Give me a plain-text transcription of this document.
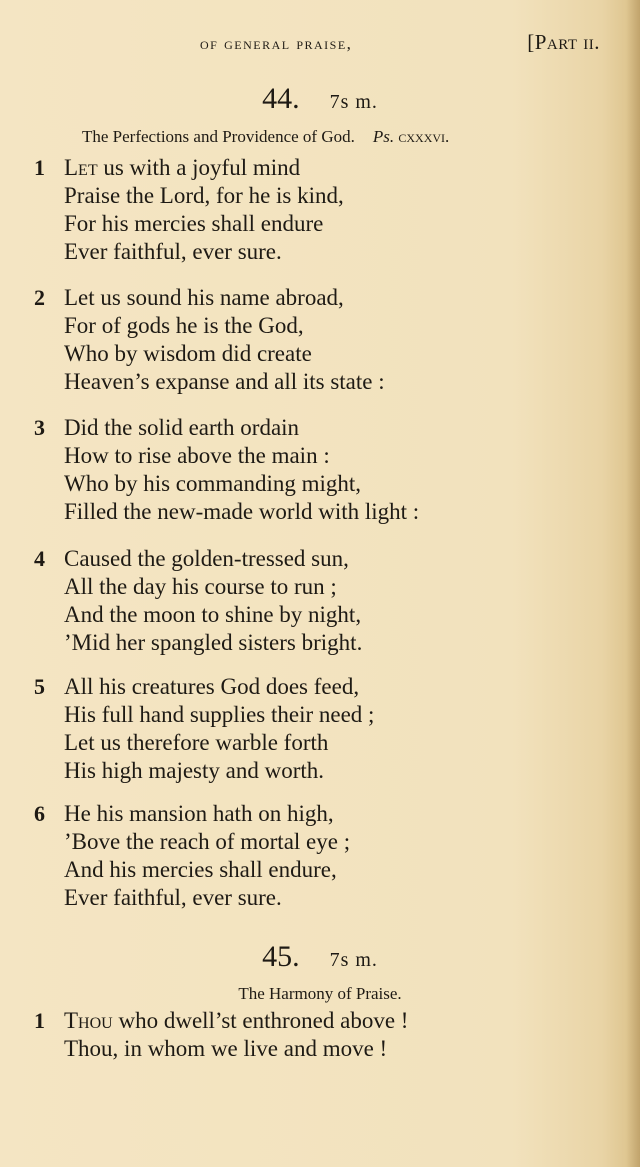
of general praise,	[Part ii.
44. 7s m.
The Perfections and Providence of God. Ps. cxxxvi.
1 Let us with a joyful mind
Praise the Lord, for he is kind,
For his mercies shall endure
Ever faithful, ever sure.
2 Let us sound his name abroad,
For of gods he is the God,
Who by wisdom did create
Heaven’s expanse and all its state :
3 Did the solid earth ordain
How to rise above the main :
Who by his commanding might,
Filled the new-made world with light :
4 Caused the golden-tressed sun,
All the day his course to run ;
And the moon to shine by night,
’Mid her spangled sisters bright.
5 All his creatures God does feed,
His full hand supplies their need ;
Let us therefore warble forth
His high majesty and worth.
6 He his mansion hath on high,
’Bove the reach of mortal eye ;
And his mercies shall endure,
Ever faithful, ever sure.
45. 7s m.
The Harmony of Praise.
1 Thou who dwell’st enthroned above !
Thou, in whom we live and move !
